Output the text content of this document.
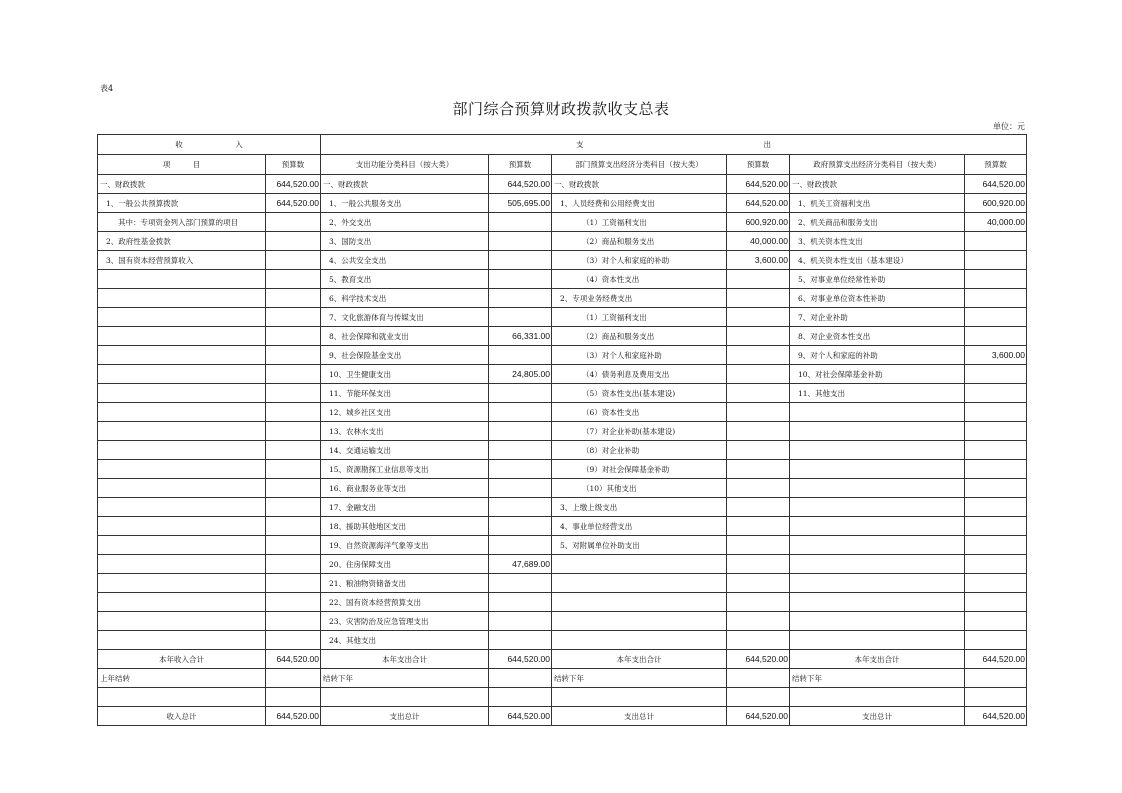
表4
部门综合预算财政拨款收支总表
单位：元
收　　　　　　　入		支　　　　　　　　　　　　　　　　　　　　　　　　出					
项　　　目	预算数	支出功能分类科目（按大类）	预算数	部门预算支出经济分类科目（按大类）	预算数	政府预算支出经济分类科目（按大类）	预算数
一、财政拨款	644,520.00	一、财政拨款	644,520.00	一、财政拨款	644,520.00	一、财政拨款	644,520.00
1、一般公共预算拨款	644,520.00	1、一般公共服务支出	505,695.00	1、人员经费和公用经费支出	644,520.00	1、机关工资福利支出	600,920.00
其中：专项资金列入部门预算的项目		2、外交支出		（1）工资福利支出	600,920.00	2、机关商品和服务支出	40,000.00
2、政府性基金拨款		3、国防支出		（2）商品和服务支出	40,000.00	3、机关资本性支出	
3、国有资本经营预算收入		4、公共安全支出		（3）对个人和家庭的补助	3,600.00	4、机关资本性支出（基本建设）	
		5、教育支出		（4）资本性支出		5、对事业单位经常性补助	
		6、科学技术支出		2、专项业务经费支出		6、对事业单位资本性补助	
		7、文化旅游体育与传媒支出		（1）工资福利支出		7、对企业补助	
		8、社会保障和就业支出	66,331.00	（2）商品和服务支出		8、对企业资本性支出	
		9、社会保险基金支出		（3）对个人和家庭补助		9、对个人和家庭的补助	3,600.00
		10、卫生健康支出	24,805.00	（4）债务利息及费用支出		10、对社会保障基金补助	
		11、节能环保支出		（5）资本性支出(基本建设)		11、其他支出	
		12、城乡社区支出		（6）资本性支出			
		13、农林水支出		（7）对企业补助(基本建设)			
		14、交通运输支出		（8）对企业补助			
		15、资源勘探工业信息等支出		（9）对社会保障基金补助			
		16、商业服务业等支出		（10）其他支出			
		17、金融支出		3、上缴上级支出			
		18、援助其他地区支出		4、事业单位经营支出			
		19、自然资源海洋气象等支出		5、对附属单位补助支出			
		20、住房保障支出	47,689.00				
		21、粮油物资储备支出					
		22、国有资本经营预算支出					
		23、灾害防治及应急管理支出					
		24、其他支出					
本年收入合计	644,520.00	本年支出合计	644,520.00	本年支出合计	644,520.00	本年支出合计	644,520.00
上年结转		结转下年		结转下年		结转下年	

收入总计	644,520.00	支出总计	644,520.00	支出总计	644,520.00	支出总计	644,520.00
